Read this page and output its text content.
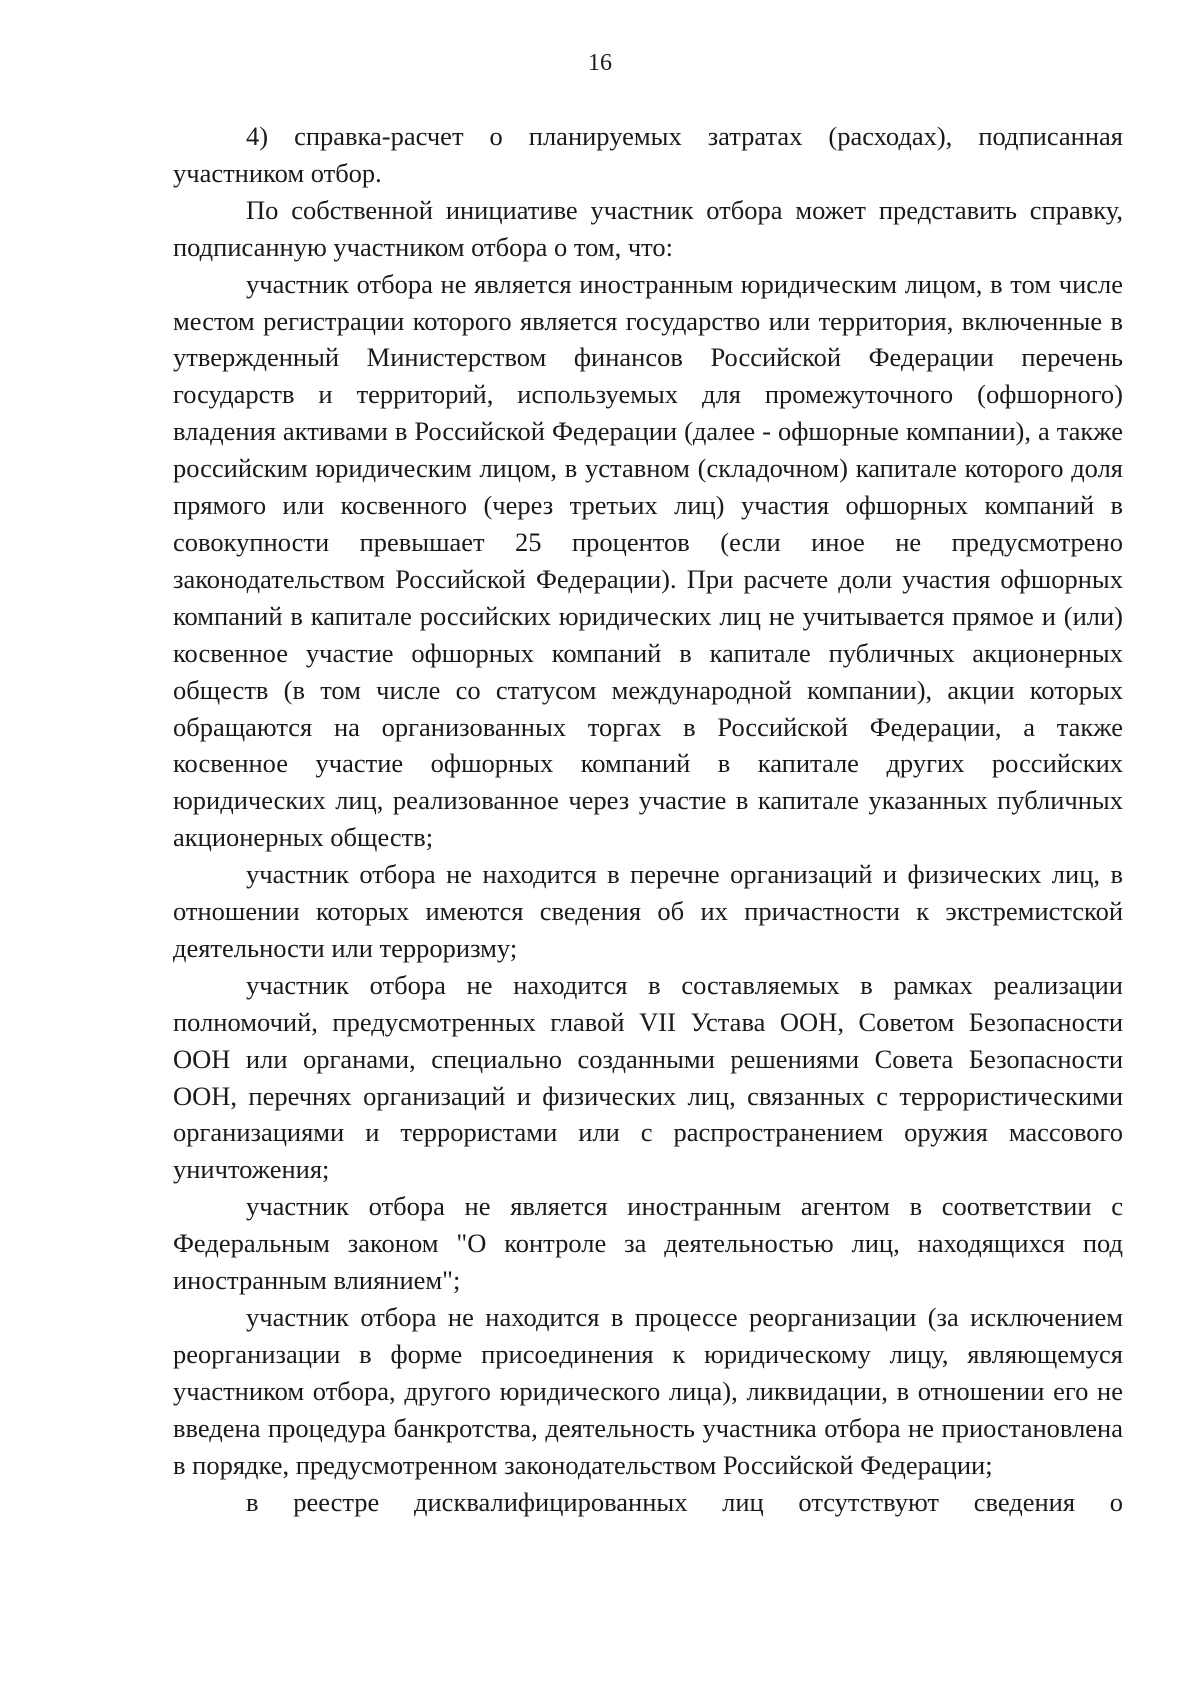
16

4) справка-расчет о планируемых затратах (расходах), подписанная участником отбор.

По собственной инициативе участник отбора может представить справку, подписанную участником отбора о том, что:

участник отбора не является иностранным юридическим лицом, в том числе местом регистрации которого является государство или территория, включенные в утвержденный Министерством финансов Российской Федерации перечень государств и территорий, используемых для промежуточного (офшорного) владения активами в Российской Федерации (далее - офшорные компании), а также российским юридическим лицом, в уставном (складочном) капитале которого доля прямого или косвенного (через третьих лиц) участия офшорных компаний в совокупности превышает 25 процентов (если иное не предусмотрено законодательством Российской Федерации). При расчете доли участия офшорных компаний в капитале российских юридических лиц не учитывается прямое и (или) косвенное участие офшорных компаний в капитале публичных акционерных обществ (в том числе со статусом международной компании), акции которых обращаются на организованных торгах в Российской Федерации, а также косвенное участие офшорных компаний в капитале других российских юридических лиц, реализованное через участие в капитале указанных публичных акционерных обществ;

участник отбора не находится в перечне организаций и физических лиц, в отношении которых имеются сведения об их причастности к экстремистской деятельности или терроризму;

участник отбора не находится в составляемых в рамках реализации полномочий, предусмотренных главой VII Устава ООН, Советом Безопасности ООН или органами, специально созданными решениями Совета Безопасности ООН, перечнях организаций и физических лиц, связанных с террористическими организациями и террористами или с распространением оружия массового уничтожения;

участник отбора не является иностранным агентом в соответствии с Федеральным законом "О контроле за деятельностью лиц, находящихся под иностранным влиянием";

участник отбора не находится в процессе реорганизации (за исключением реорганизации в форме присоединения к юридическому лицу, являющемуся участником отбора, другого юридического лица), ликвидации, в отношении его не введена процедура банкротства, деятельность участника отбора не приостановлена в порядке, предусмотренном законодательством Российской Федерации;

в реестре дисквалифицированных лиц отсутствуют сведения о
